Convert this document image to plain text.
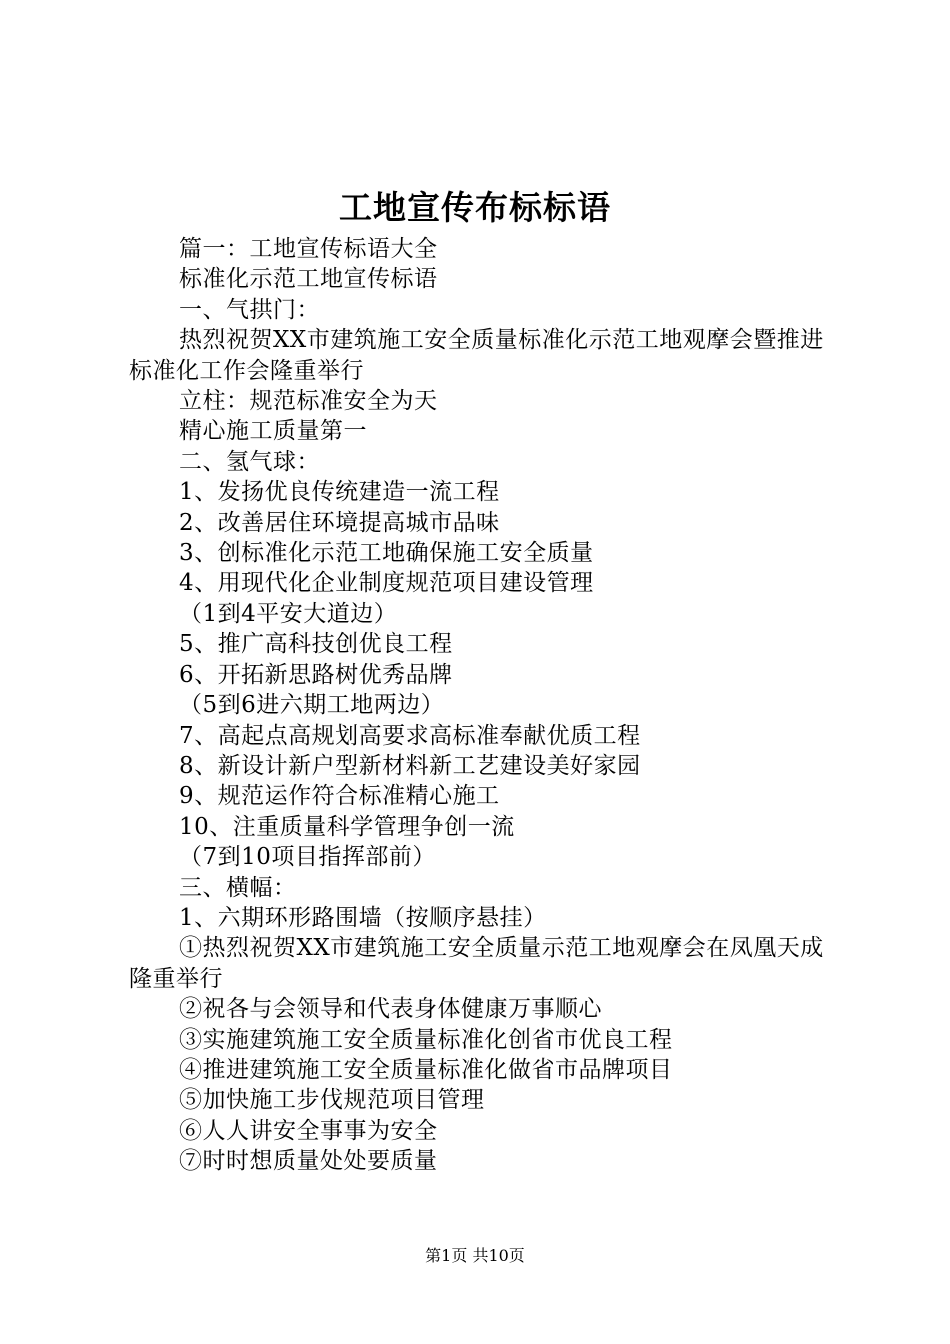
工地宣传布标标语

篇一：工地宣传标语大全

标准化示范工地宣传标语

一、气拱门：

热烈祝贺XX市建筑施工安全质量标准化示范工地观摩会暨推进标准化工作会隆重举行

立柱：规范标准安全为天

精心施工质量第一

二、氢气球：

1、发扬优良传统建造一流工程

2、改善居住环境提高城市品味

3、创标准化示范工地确保施工安全质量

4、用现代化企业制度规范项目建设管理

（1到4平安大道边）

5、推广高科技创优良工程

6、开拓新思路树优秀品牌

（5到6进六期工地两边）

7、高起点高规划高要求高标准奉献优质工程

8、新设计新户型新材料新工艺建设美好家园

9、规范运作符合标准精心施工

10、注重质量科学管理争创一流

（7到10项目指挥部前）

三、横幅：

1、六期环形路围墙（按顺序悬挂）

①热烈祝贺XX市建筑施工安全质量示范工地观摩会在凤凰天成隆重举行

②祝各与会领导和代表身体健康万事顺心

③实施建筑施工安全质量标准化创省市优良工程

④推进建筑施工安全质量标准化做省市品牌项目

⑤加快施工步伐规范项目管理

⑥人人讲安全事事为安全

⑦时时想质量处处要质量

第1页 共10页
